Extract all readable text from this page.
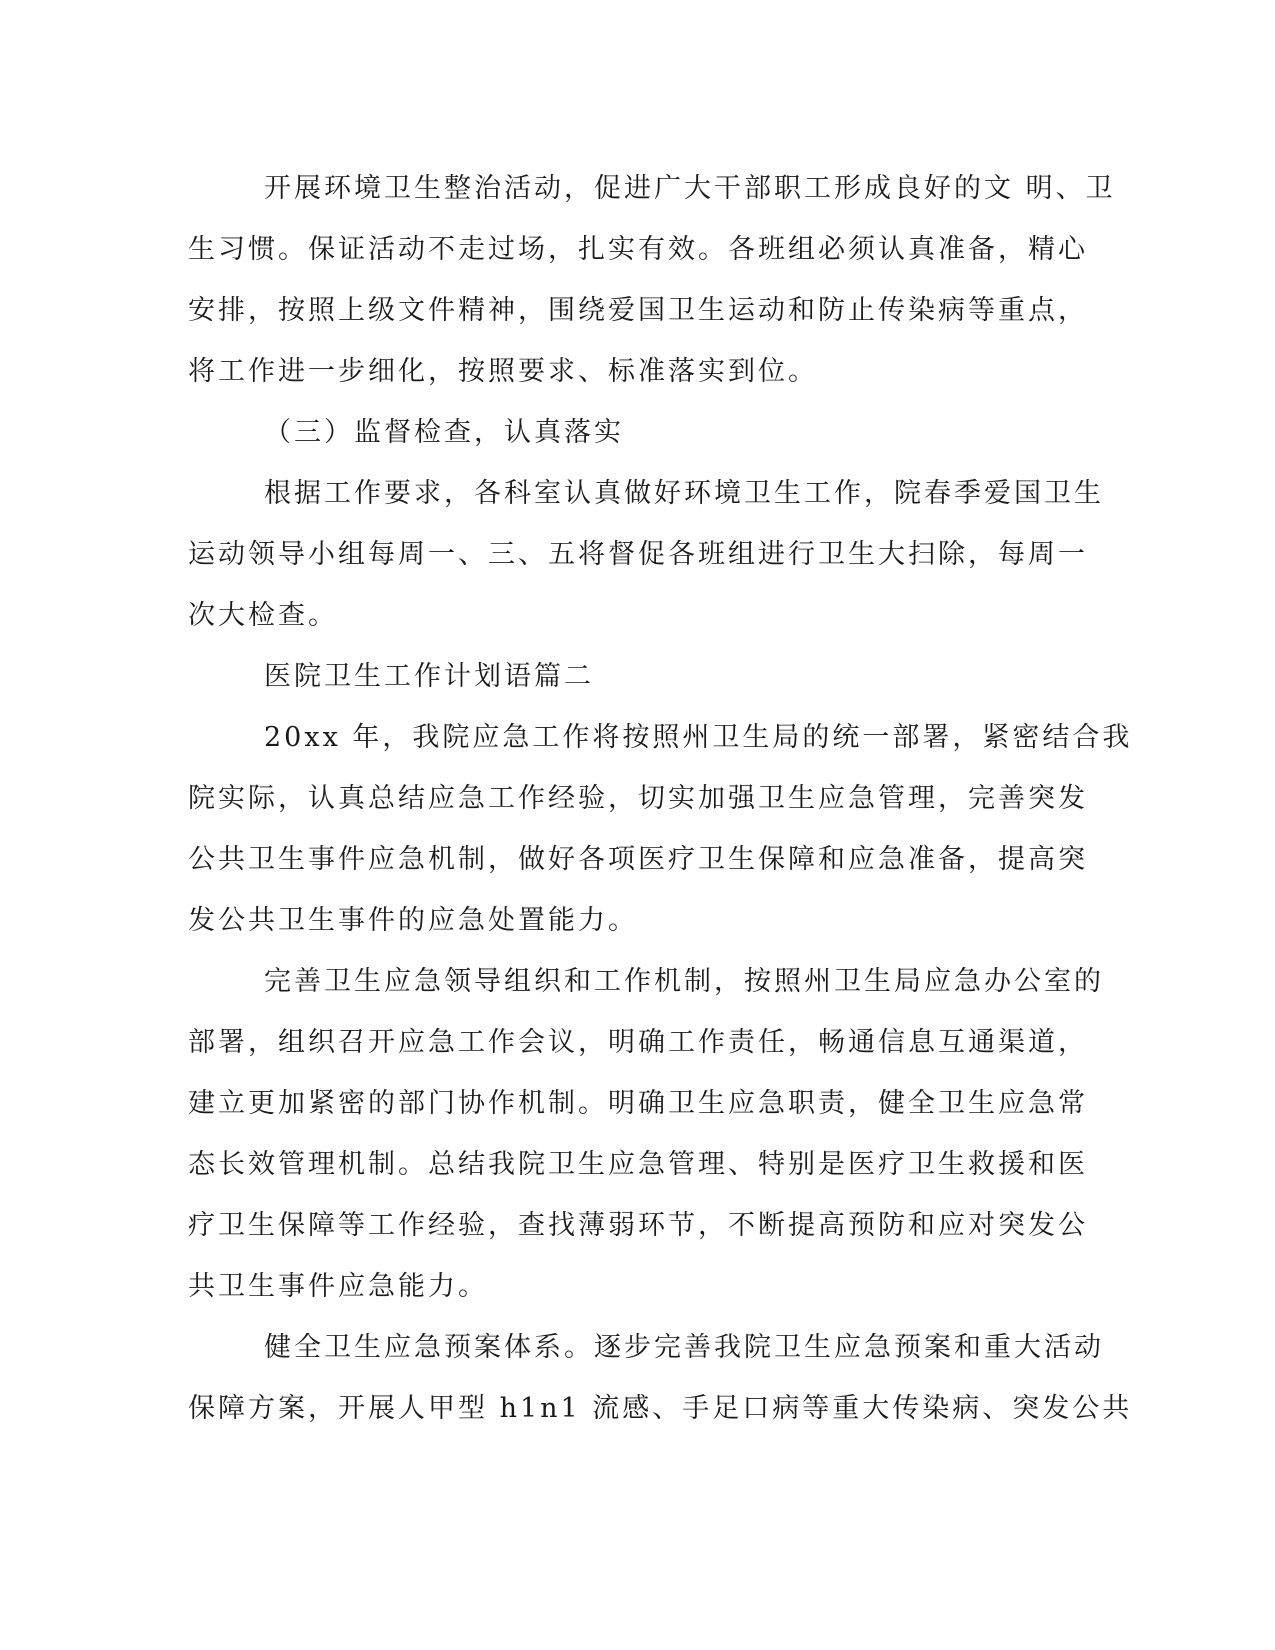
开展环境卫生整治活动，促进广大干部职工形成良好的文 明、卫
生习惯。保证活动不走过场，扎实有效。各班组必须认真准备，精心
安排，按照上级文件精神，围绕爱国卫生运动和防止传染病等重点，
将工作进一步细化，按照要求、标准落实到位。
（三）监督检查，认真落实
根据工作要求，各科室认真做好环境卫生工作，院春季爱国卫生
运动领导小组每周一、三、五将督促各班组进行卫生大扫除，每周一
次大检查。
医院卫生工作计划语篇二
20xx 年，我院应急工作将按照州卫生局的统一部署，紧密结合我
院实际，认真总结应急工作经验，切实加强卫生应急管理，完善突发
公共卫生事件应急机制，做好各项医疗卫生保障和应急准备，提高突
发公共卫生事件的应急处置能力。
完善卫生应急领导组织和工作机制，按照州卫生局应急办公室的
部署，组织召开应急工作会议，明确工作责任，畅通信息互通渠道，
建立更加紧密的部门协作机制。明确卫生应急职责，健全卫生应急常
态长效管理机制。总结我院卫生应急管理、特别是医疗卫生救援和医
疗卫生保障等工作经验，查找薄弱环节，不断提高预防和应对突发公
共卫生事件应急能力。
健全卫生应急预案体系。逐步完善我院卫生应急预案和重大活动
保障方案，开展人甲型 h1n1 流感、手足口病等重大传染病、突发公共
